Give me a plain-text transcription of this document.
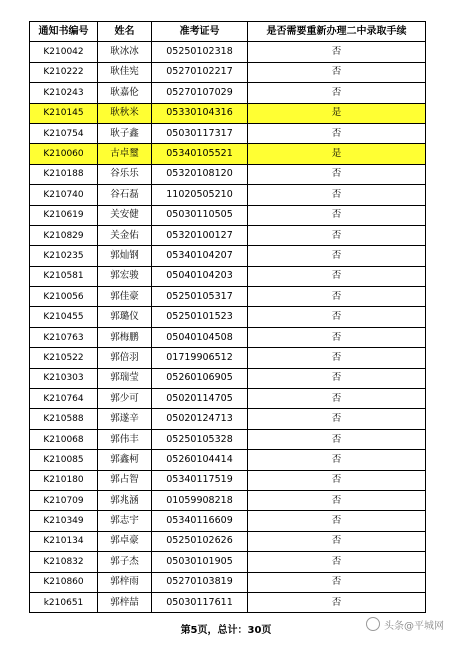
通知书编号	姓名	准考证号	是否需要重新办理二中录取手续
K210042	耿冰冰	05250102318	否
K210222	耿佳宪	05270102217	否
K210243	耿嘉伦	05270107029	否
K210145	耿秋米	05330104316	是
K210754	耿子鑫	05030117317	否
K210060	古卓璽	05340105521	是
K210188	谷乐乐	05320108120	否
K210740	谷石磊	11020505210	否
K210619	关安健	05030110505	否
K210829	关金佑	05320100127	否
K210235	郭灿钢	05340104207	否
K210581	郭宏骏	05040104203	否
K210056	郭佳豪	05250105317	否
K210455	郭璐仪	05250101523	否
K210763	郭梅鹏	05040104508	否
K210522	郭倍羽	01719906512	否
K210303	郭瑞莹	05260106905	否
K210764	郭少可	05020114705	否
K210588	郭遂辛	05020124713	否
K210068	郭伟丰	05250105328	否
K210085	郭鑫柯	05260104414	否
K210180	郭占智	05340117519	否
K210709	郭兆涵	01059908218	否
K210349	郭志宇	05340116609	否
K210134	郭卓豪	05250102626	否
K210832	郭子杰	05030101905	否
K210860	郭梓雨	05270103819	否
k210651	郭梓喆	05030117611	否
第5页，总计：30页	头条@平城网
